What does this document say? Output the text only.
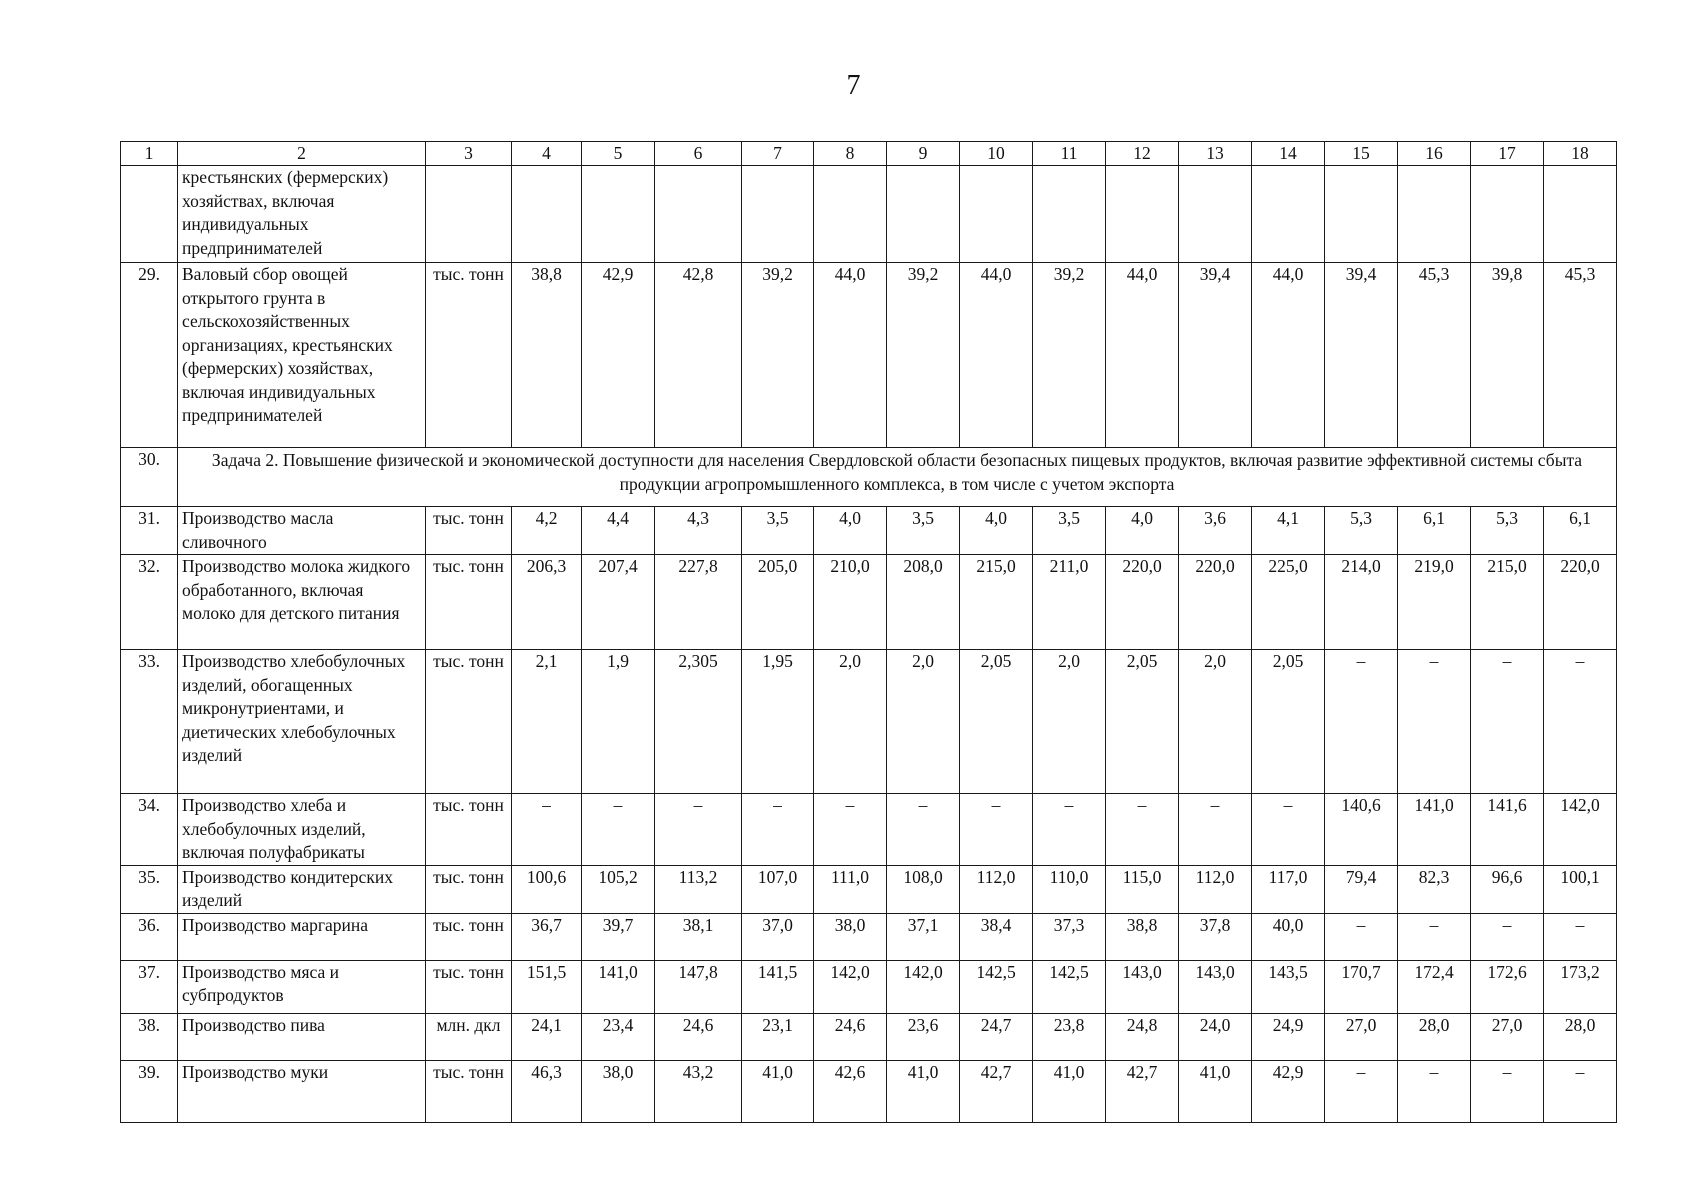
7
1	2	3	4	5	6	7	8	9	10	11	12	13	14	15	16	17	18
	крестьянских (фермерских) хозяйствах, включая индивидуальных предпринимателей																
29.	Валовый сбор овощей открытого грунта в сельскохозяйственных организациях, крестьянских (фермерских) хозяйствах, включая индивидуальных предпринимателей	тыс. тонн	38,8	42,9	42,8	39,2	44,0	39,2	44,0	39,2	44,0	39,4	44,0	39,4	45,3	39,8	45,3
30.	Задача 2. Повышение физической и экономической доступности для населения Свердловской области безопасных пищевых продуктов, включая развитие эффективной системы сбыта продукции агропромышленного комплекса, в том числе с учетом экспорта																
31.	Производство масла сливочного	тыс. тонн	4,2	4,4	4,3	3,5	4,0	3,5	4,0	3,5	4,0	3,6	4,1	5,3	6,1	5,3	6,1
32.	Производство молока жидкого обработанного, включая молоко для детского питания	тыс. тонн	206,3	207,4	227,8	205,0	210,0	208,0	215,0	211,0	220,0	220,0	225,0	214,0	219,0	215,0	220,0
33.	Производство хлебобулочных изделий, обогащенных микронутриентами, и диетических хлебобулочных изделий	тыс. тонн	2,1	1,9	2,305	1,95	2,0	2,0	2,05	2,0	2,05	2,0	2,05	–	–	–	–
34.	Производство хлеба и хлебобулочных изделий, включая полуфабрикаты	тыс. тонн	–	–	–	–	–	–	–	–	–	–	–	140,6	141,0	141,6	142,0
35.	Производство кондитерских изделий	тыс. тонн	100,6	105,2	113,2	107,0	111,0	108,0	112,0	110,0	115,0	112,0	117,0	79,4	82,3	96,6	100,1
36.	Производство маргарина	тыс. тонн	36,7	39,7	38,1	37,0	38,0	37,1	38,4	37,3	38,8	37,8	40,0	–	–	–	–
37.	Производство мяса и субпродуктов	тыс. тонн	151,5	141,0	147,8	141,5	142,0	142,0	142,5	142,5	143,0	143,0	143,5	170,7	172,4	172,6	173,2
38.	Производство пива	млн. дкл	24,1	23,4	24,6	23,1	24,6	23,6	24,7	23,8	24,8	24,0	24,9	27,0	28,0	27,0	28,0
39.	Производство муки	тыс. тонн	46,3	38,0	43,2	41,0	42,6	41,0	42,7	41,0	42,7	41,0	42,9	–	–	–	–
